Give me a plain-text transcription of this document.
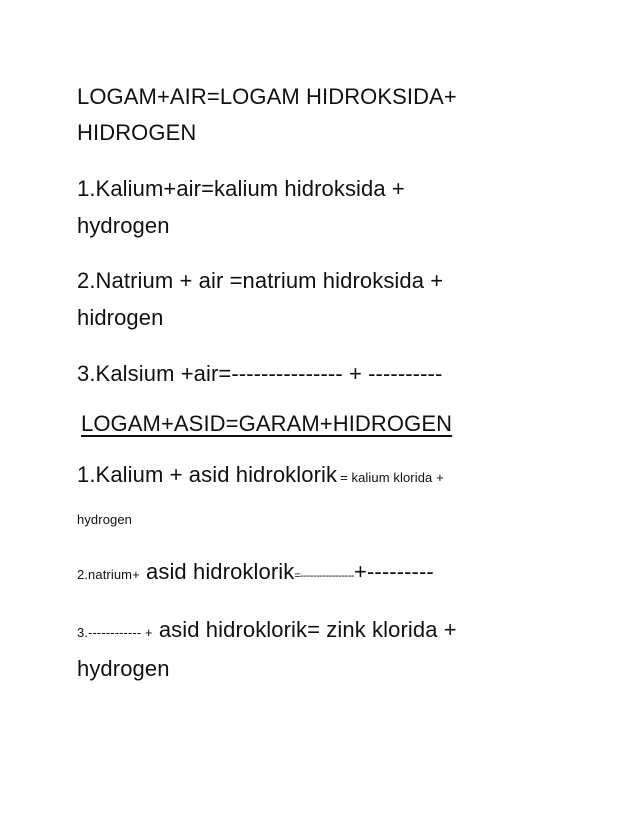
LOGAM+AIR=LOGAM HIDROKSIDA+
HIDROGEN
1.Kalium+air=kalium hidroksida +
hydrogen
2.Natrium + air =natrium hidroksida +
hidrogen
3.Kalsium +air=--------------- + ----------
LOGAM+ASID=GARAM+HIDROGEN
1.Kalium + asid hidroklorik = kalium klorida +
hydrogen
2.natrium+ asid hidroklorik=-----------------+---------
3.------------ + asid hidroklorik= zink klorida +
hydrogen
